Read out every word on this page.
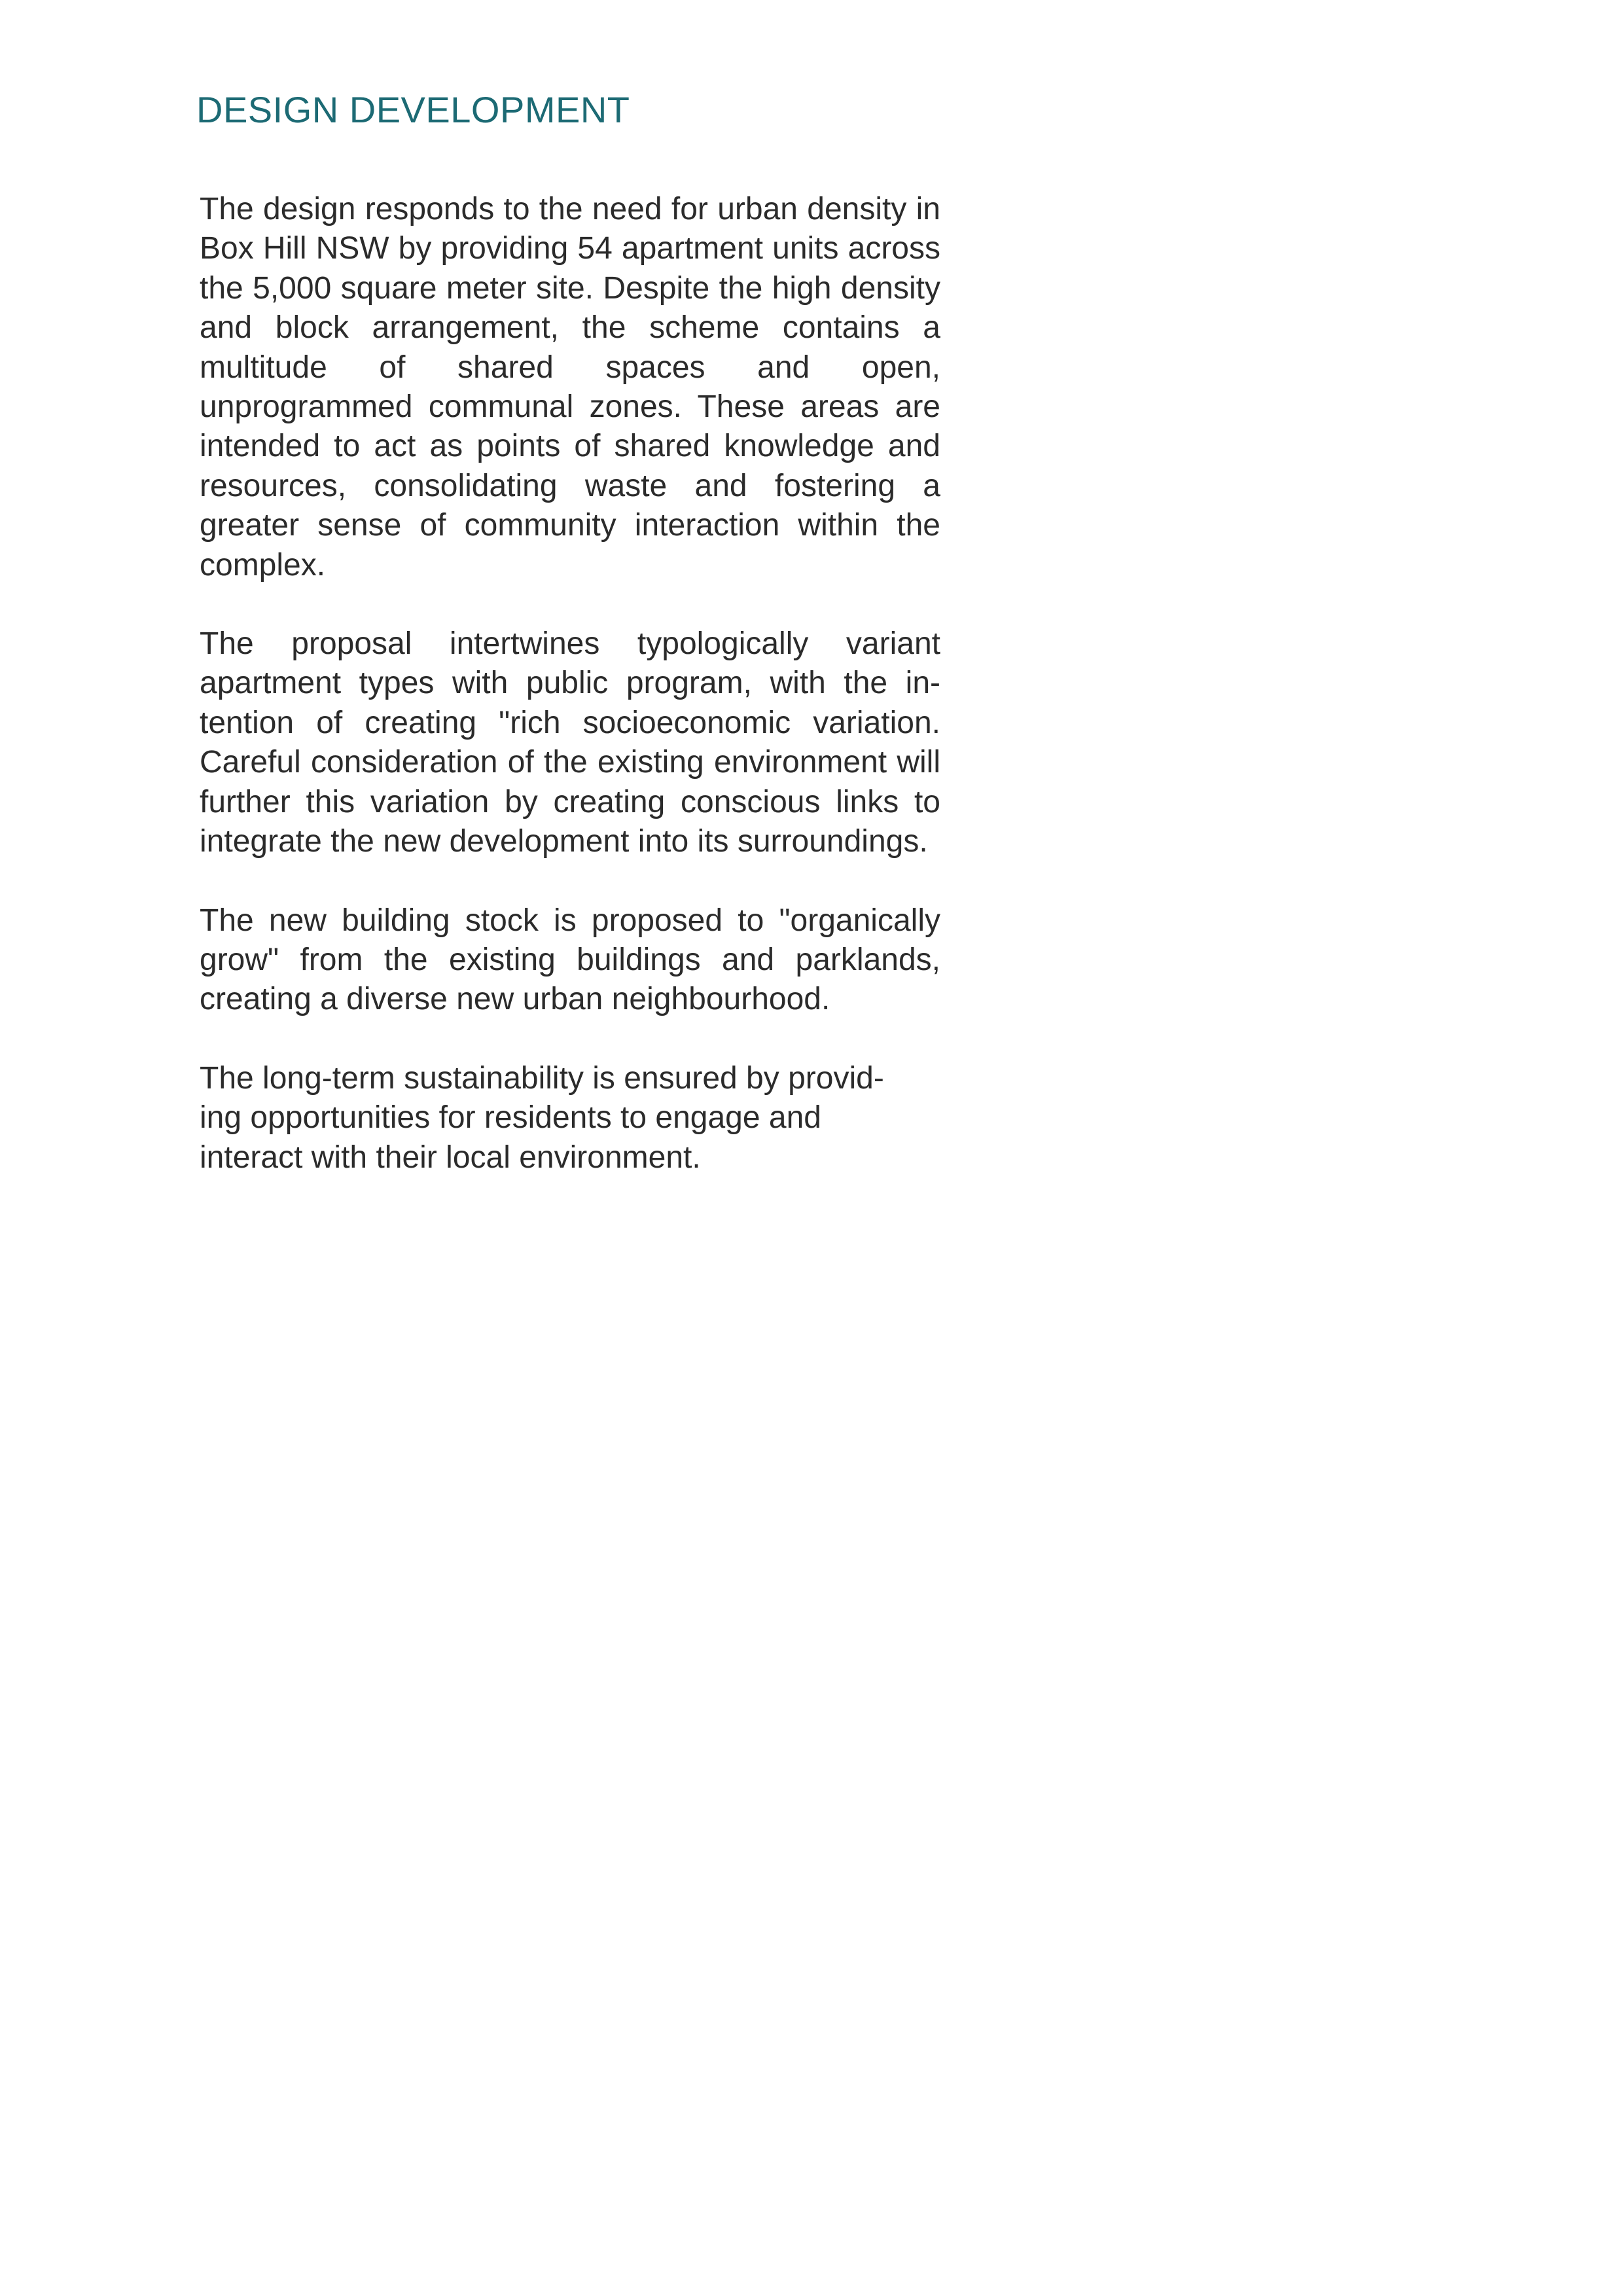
DESIGN DEVELOPMENT

The design responds to the need for urban density in Box Hill NSW by providing 54 apartment units across the 5,000 square meter site. Despite the high density and block arrangement, the scheme contains a multitude of shared spaces and open, unprogrammed communal zones. These areas are intended to act as points of shared knowledge and resources, consolidating waste and fostering a greater sense of community interaction within the complex.

The proposal intertwines typologically variant apartment types with public program, with the intention of creating "rich socioeconomic variation. Careful consideration of the existing environment will further this variation by creating conscious links to integrate the new development into its surroundings.

The new building stock is proposed to "organically grow" from the existing buildings and parklands, creating a diverse new urban neighbourhood.

The long-term sustainability is ensured by providing opportunities for residents to engage and interact with their local environment.
